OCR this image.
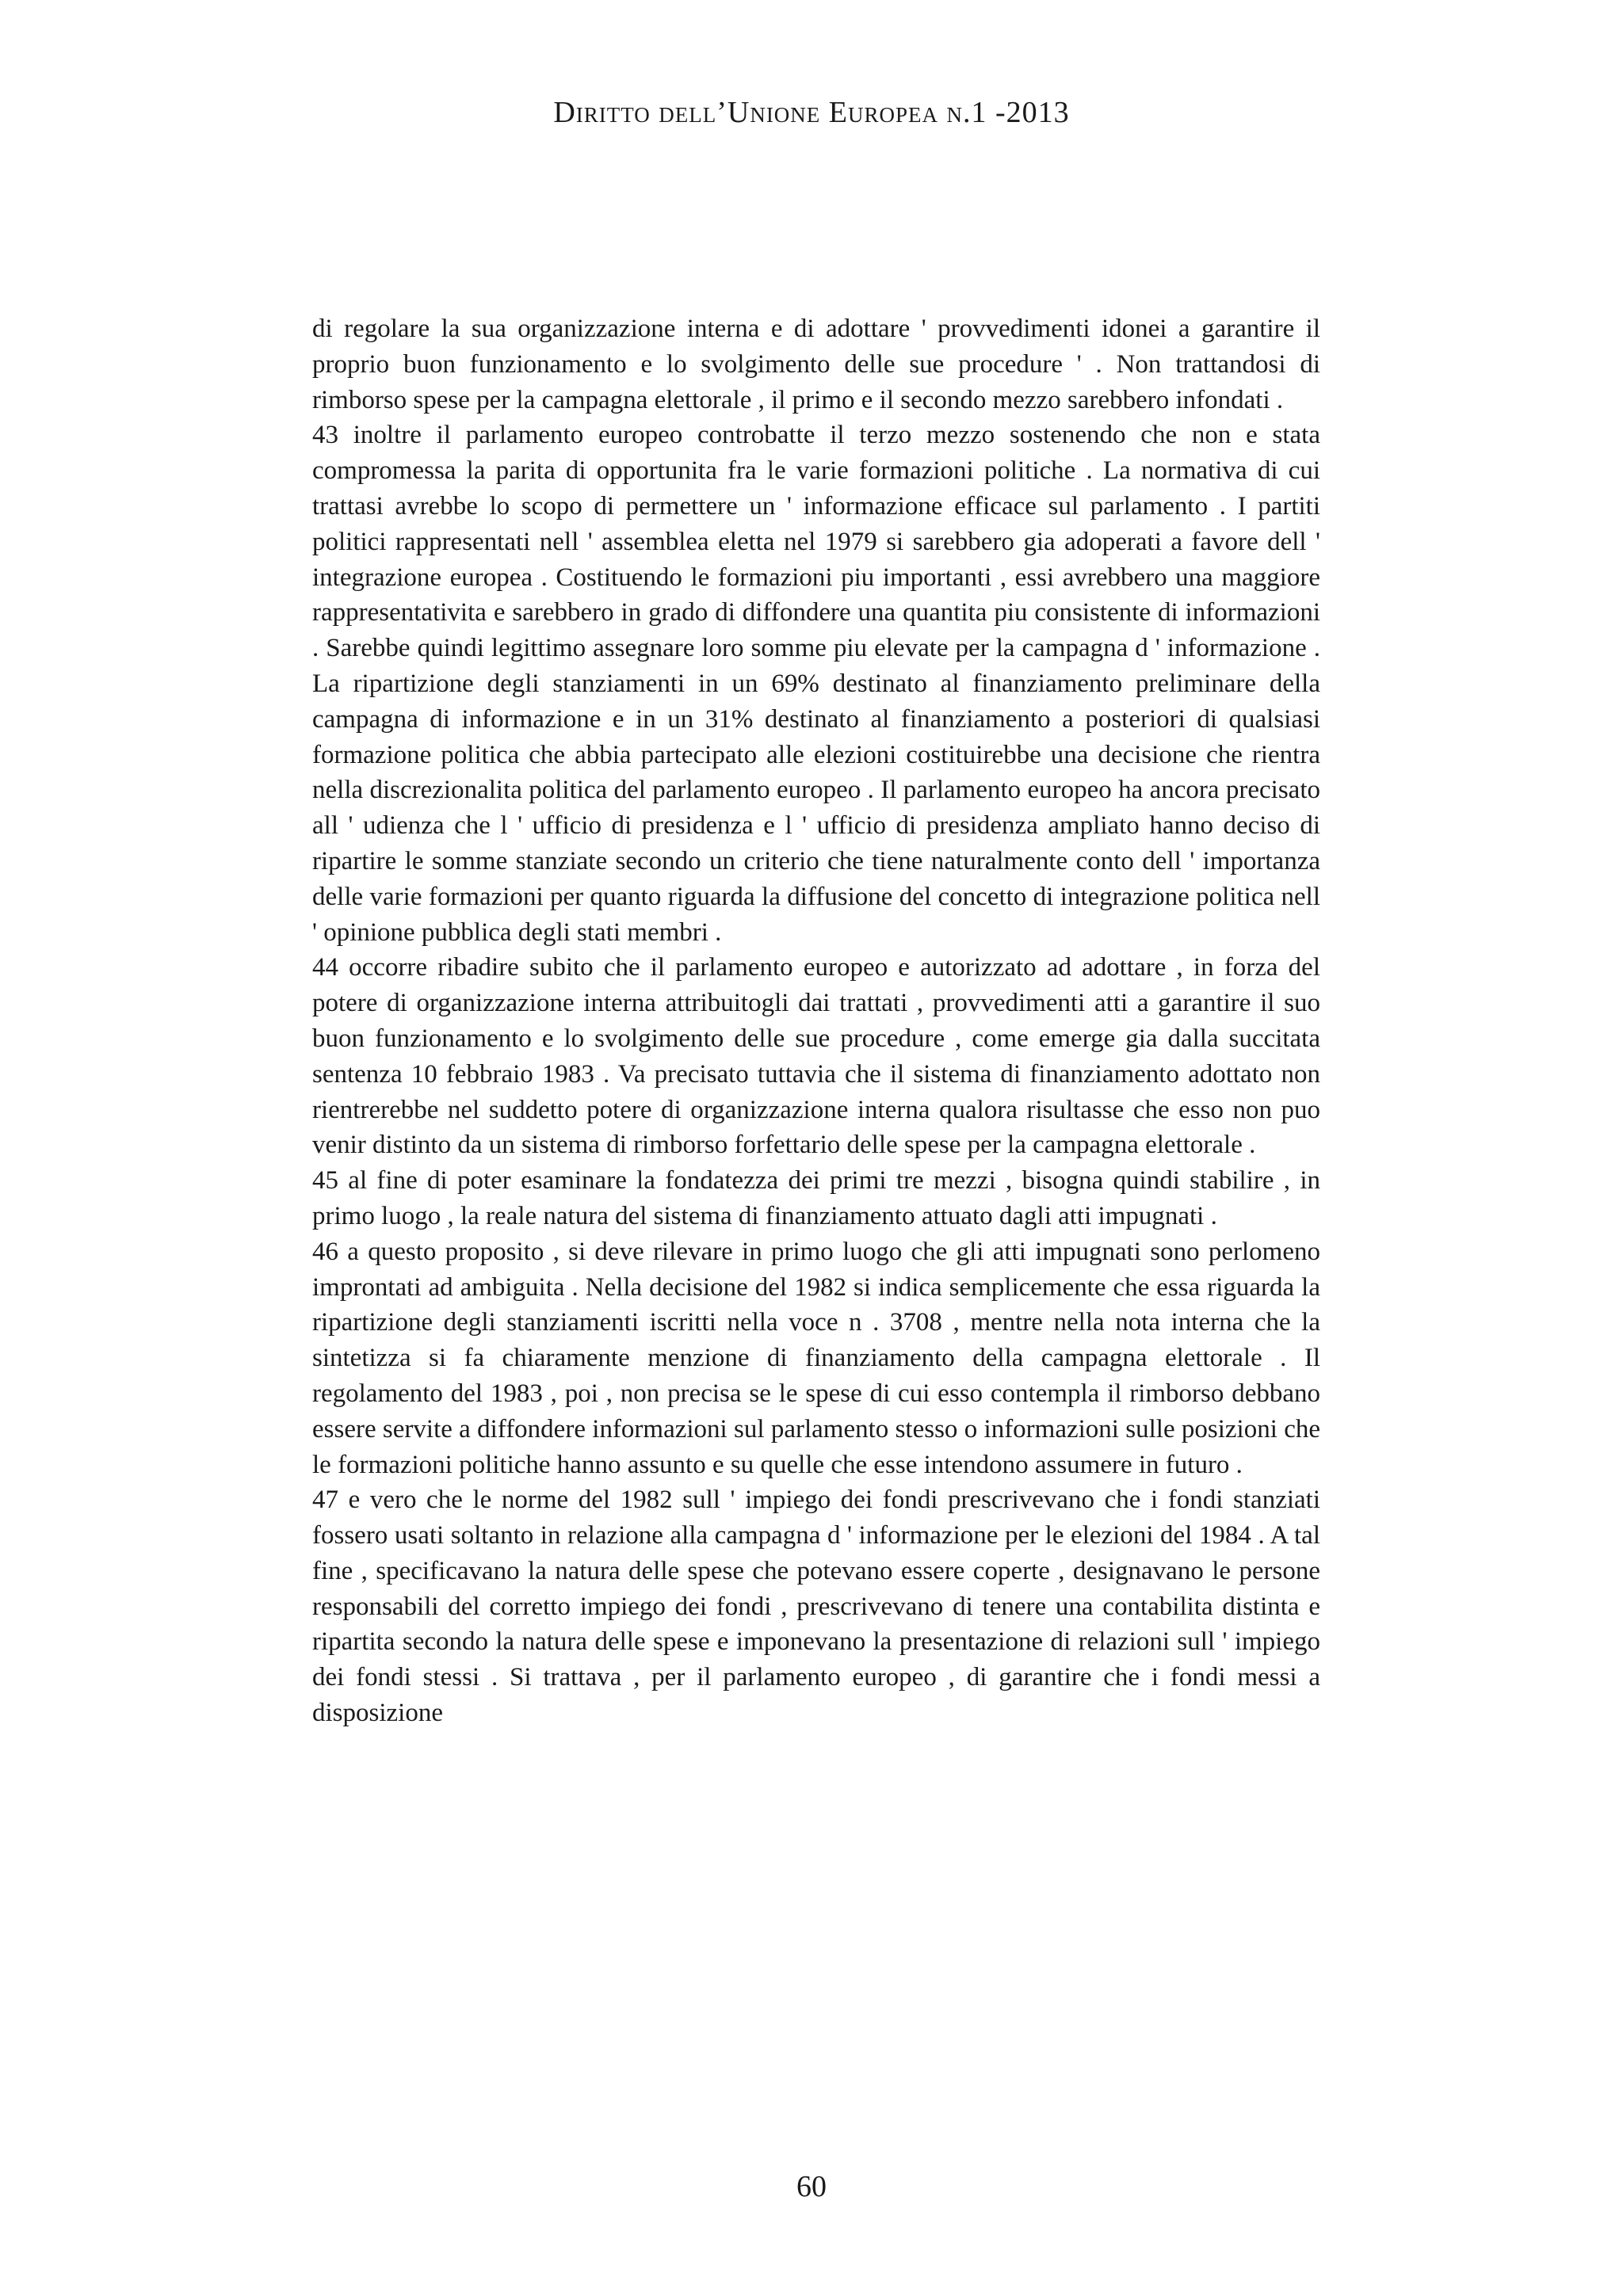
Diritto dell’Unione Europea n.1 -2013

di regolare la sua organizzazione interna e di adottare ' provvedimenti idonei a garantire il proprio buon funzionamento e lo svolgimento delle sue procedure ' . Non trattandosi di rimborso spese per la campagna elettorale , il primo e il secondo mezzo sarebbero infondati .

43 inoltre il parlamento europeo controbatte il terzo mezzo sostenendo che non e stata compromessa la parita di opportunita fra le varie formazioni politiche . La normativa di cui trattasi avrebbe lo scopo di permettere un ' informazione efficace sul parlamento . I partiti politici rappresentati nell ' assemblea eletta nel 1979 si sarebbero gia adoperati a favore dell ' integrazione europea . Costituendo le formazioni piu importanti , essi avrebbero una maggiore rappresentativita e sarebbero in grado di diffondere una quantita piu consistente di informazioni . Sarebbe quindi legittimo assegnare loro somme piu elevate per la campagna d ' informazione . La ripartizione degli stanziamenti in un 69% destinato al finanziamento preliminare della campagna di informazione e in un 31% destinato al finanziamento a posteriori di qualsiasi formazione politica che abbia partecipato alle elezioni costituirebbe una decisione che rientra nella discrezionalita politica del parlamento europeo . Il parlamento europeo ha ancora precisato all ' udienza che l ' ufficio di presidenza e l ' ufficio di presidenza ampliato hanno deciso di ripartire le somme stanziate secondo un criterio che tiene naturalmente conto dell ' importanza delle varie formazioni per quanto riguarda la diffusione del concetto di integrazione politica nell ' opinione pubblica degli stati membri .

44 occorre ribadire subito che il parlamento europeo e autorizzato ad adottare , in forza del potere di organizzazione interna attribuitogli dai trattati , provvedimenti atti a garantire il suo buon funzionamento e lo svolgimento delle sue procedure , come emerge gia dalla succitata sentenza 10 febbraio 1983 . Va precisato tuttavia che il sistema di finanziamento adottato non rientrerebbe nel suddetto potere di organizzazione interna qualora risultasse che esso non puo venir distinto da un sistema di rimborso forfettario delle spese per la campagna elettorale .

45 al fine di poter esaminare la fondatezza dei primi tre mezzi , bisogna quindi stabilire , in primo luogo , la reale natura del sistema di finanziamento attuato dagli atti impugnati .

46 a questo proposito , si deve rilevare in primo luogo che gli atti impugnati sono perlomeno improntati ad ambiguita . Nella decisione del 1982 si indica semplicemente che essa riguarda la ripartizione degli stanziamenti iscritti nella voce n . 3708 , mentre nella nota interna che la sintetizza si fa chiaramente menzione di finanziamento della campagna elettorale . Il regolamento del 1983 , poi , non precisa se le spese di cui esso contempla il rimborso debbano essere servite a diffondere informazioni sul parlamento stesso o informazioni sulle posizioni che le formazioni politiche hanno assunto e su quelle che esse intendono assumere in futuro .

47 e vero che le norme del 1982 sull ' impiego dei fondi prescrivevano che i fondi stanziati fossero usati soltanto in relazione alla campagna d ' informazione per le elezioni del 1984 . A tal fine , specificavano la natura delle spese che potevano essere coperte , designavano le persone responsabili del corretto impiego dei fondi , prescrivevano di tenere una contabilita distinta e ripartita secondo la natura delle spese e imponevano la presentazione di relazioni sull ' impiego dei fondi stessi . Si trattava , per il parlamento europeo , di garantire che i fondi messi a disposizione

60
